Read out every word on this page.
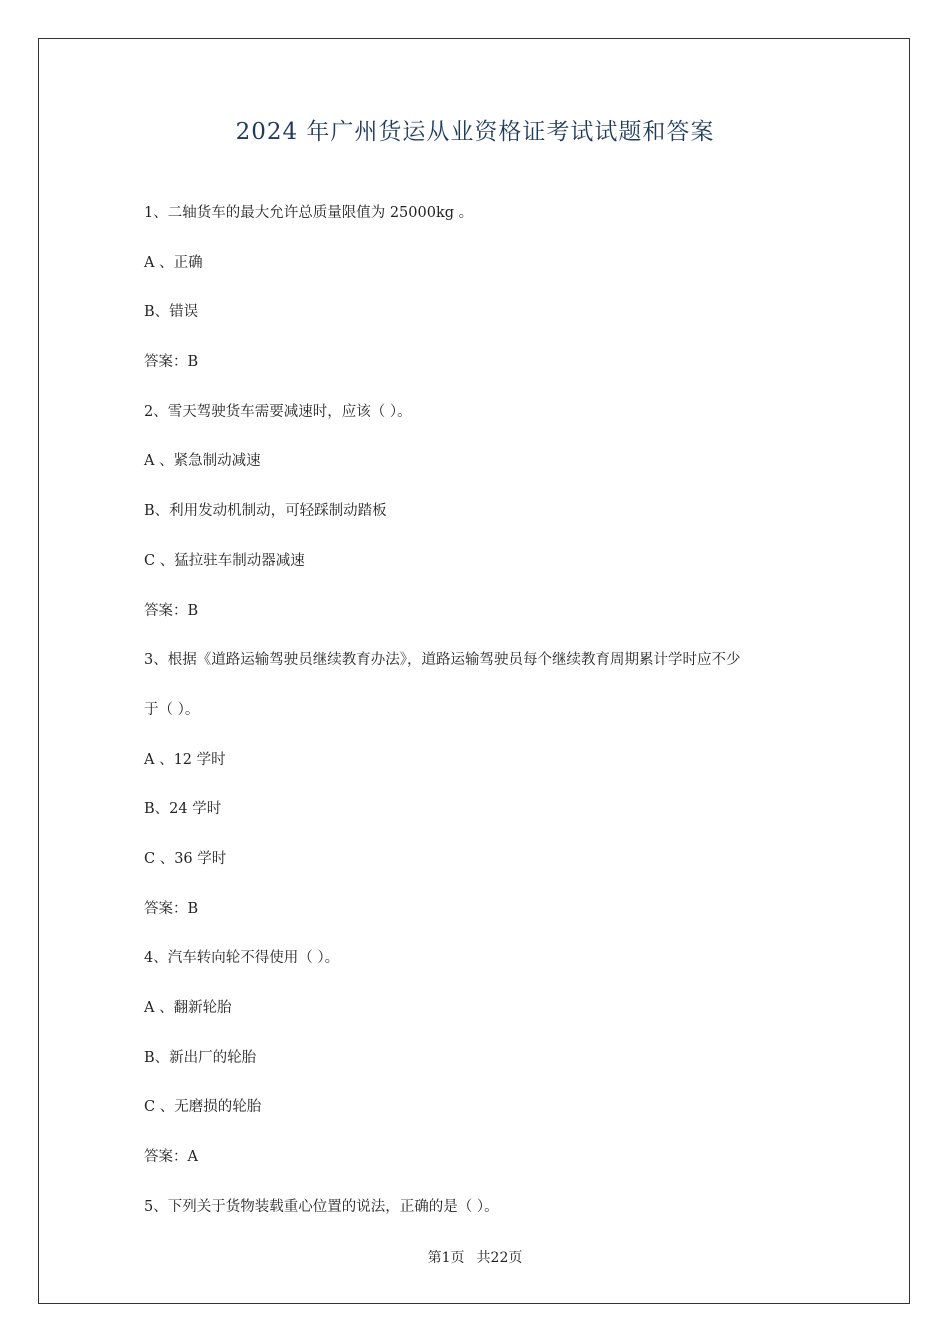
2024 年广州货运从业资格证考试试题和答案
1、二轴货车的最大允许总质量限值为 25000kg 。
A 、正确
B、错误
答案：B
2、雪天驾驶货车需要减速时，应该（ ）。
A 、紧急制动减速
B、利用发动机制动，可轻踩制动踏板
C 、猛拉驻车制动器减速
答案：B
3、根据《道路运输驾驶员继续教育办法》，道路运输驾驶员每个继续教育周期累计学时应不少
于（ ）。
A 、12 学时
B、24 学时
C 、36 学时
答案：B
4、汽车转向轮不得使用（ ）。
A 、翻新轮胎
B、新出厂的轮胎
C 、无磨损的轮胎
答案：A
5、下列关于货物装载重心位置的说法，正确的是（ ）。
第1页 共22页
